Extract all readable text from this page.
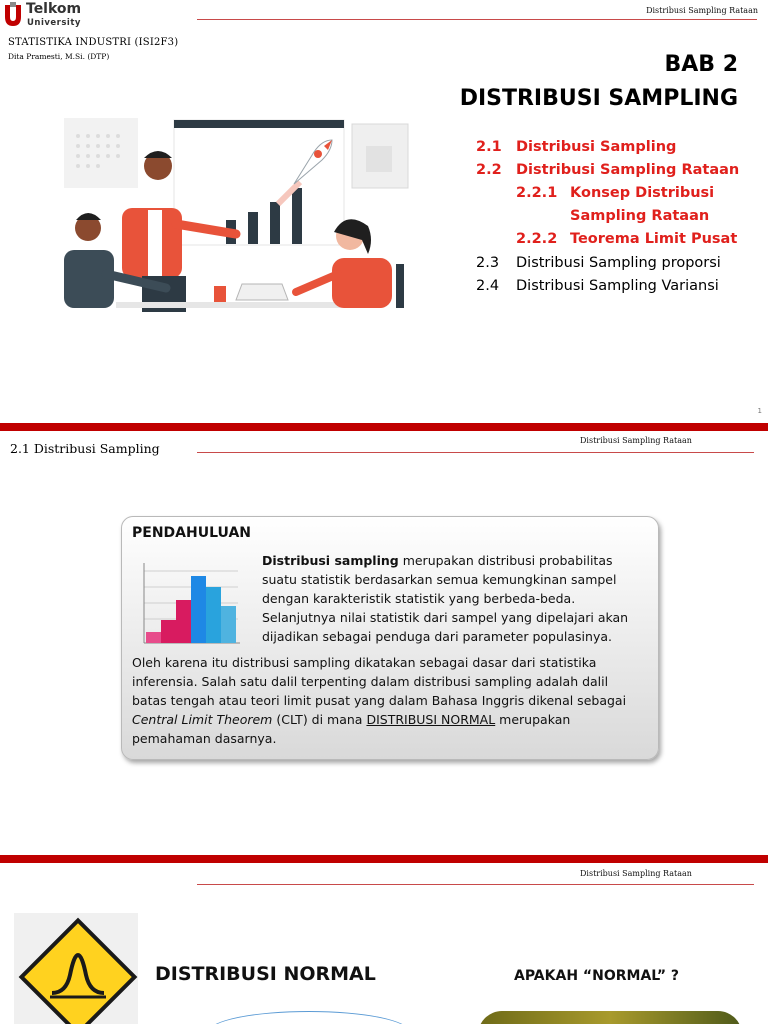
Telkom
University
Distribusi Sampling Rataan
STATISTIKA INDUSTRI (ISI2F3)
Dita Pramesti, M.Si. (DTP)	BAB 2
DISTRIBUSI SAMPLING
2.1 Distribusi Sampling
2.2 Distribusi Sampling Rataan
2.2.1 Konsep Distribusi
Sampling Rataan
2.2.2 Teorema Limit Pusat
2.3 Distribusi Sampling proporsi
2.4 Distribusi Sampling Variansi
1
2.1 Distribusi Sampling
Distribusi Sampling Rataan
PENDAHULUAN

Distribusi sampling merupakan distribusi probabilitas suatu statistik berdasarkan semua kemungkinan sampel dengan karakteristik statistik yang berbeda-beda. Selanjutnya nilai statistik dari sampel yang dipelajari akan dijadikan sebagai penduga dari parameter populasinya.

Oleh karena itu distribusi sampling dikatakan sebagai dasar dari statistika inferensia. Salah satu dalil terpenting dalam distribusi sampling adalah dalil batas tengah atau teori limit pusat yang dalam Bahasa Inggris dikenal sebagai Central Limit Theorem (CLT) di mana DISTRIBUSI NORMAL merupakan pemahaman dasarnya.

Distribusi Sampling Rataan
DISTRIBUSI NORMAL	APAKAH “NORMAL” ?
